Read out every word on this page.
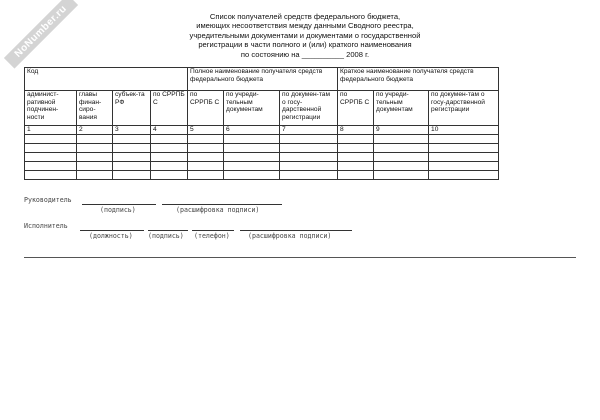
NoNumber.ru	Список получателей средств федерального бюджета,
имеющих несоответствия между данными Сводного реестра,
учредительными документами и документами о государственной
регистрации в части полного и (или) краткого наименования
по состоянию на __________ 2008 г.
Код				Полное наименование получателя средств федерального бюджета			Краткое наименование получателя средств федерального бюджета		
админист-ративной подчинен-ности	главы финан-сиро-вания	субъек-та РФ	по СРРПБ С	по СРРПБ С	по учреди-тельным документам	по докумен-там о госу-дарственной регистрации	по СРРПБ С	по учреди-тельным документам	по докумен-там о госу-дарственной регистрации
1	2	3	4	5	6	7	8	9	10

Руководитель
(подпись)	(расшифровка подписи)
Исполнитель
(должность) (подпись) (телефон)	(расшифровка подписи)
